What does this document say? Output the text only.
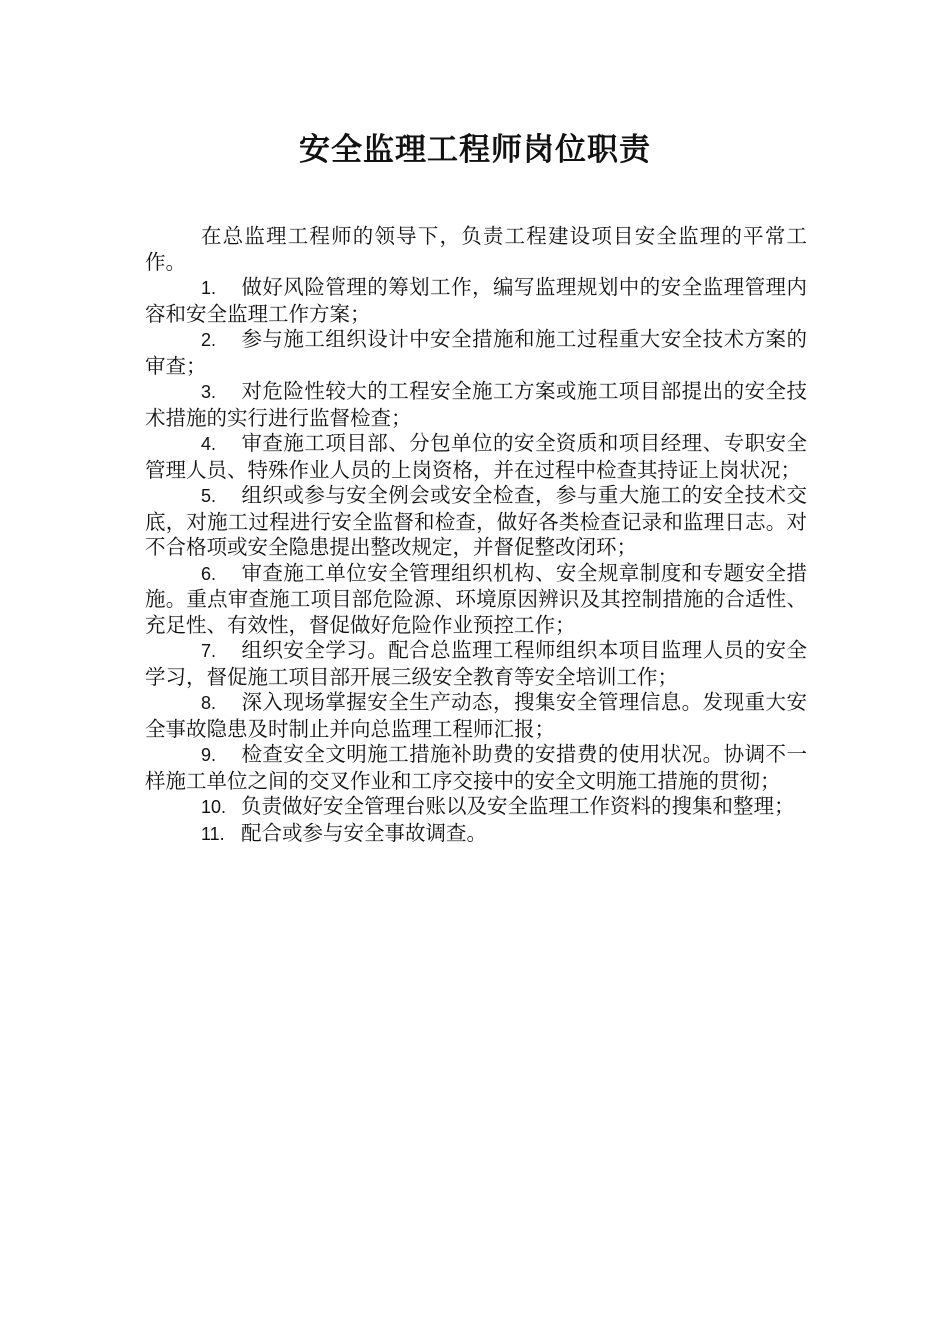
安全监理工程师岗位职责

在总监理工程师的领导下，负责工程建设项目安全监理的平常工作。

1. 做好风险管理的筹划工作，编写监理规划中的安全监理管理内容和安全监理工作方案；

2. 参与施工组织设计中安全措施和施工过程重大安全技术方案的审查；

3. 对危险性较大的工程安全施工方案或施工项目部提出的安全技术措施的实行进行监督检查；

4. 审查施工项目部、分包单位的安全资质和项目经理、专职安全管理人员、特殊作业人员的上岗资格，并在过程中检查其持证上岗状况；

5. 组织或参与安全例会或安全检查，参与重大施工的安全技术交底，对施工过程进行安全监督和检查，做好各类检查记录和监理日志。对不合格项或安全隐患提出整改规定，并督促整改闭环；

6. 审查施工单位安全管理组织机构、安全规章制度和专题安全措施。重点审查施工项目部危险源、环境原因辨识及其控制措施的合适性、充足性、有效性，督促做好危险作业预控工作；

7. 组织安全学习。配合总监理工程师组织本项目监理人员的安全学习，督促施工项目部开展三级安全教育等安全培训工作；

8. 深入现场掌握安全生产动态，搜集安全管理信息。发现重大安全事故隐患及时制止并向总监理工程师汇报；

9. 检查安全文明施工措施补助费的安措费的使用状况。协调不一样施工单位之间的交叉作业和工序交接中的安全文明施工措施的贯彻；

10. 负责做好安全管理台账以及安全监理工作资料的搜集和整理；

11. 配合或参与安全事故调查。
